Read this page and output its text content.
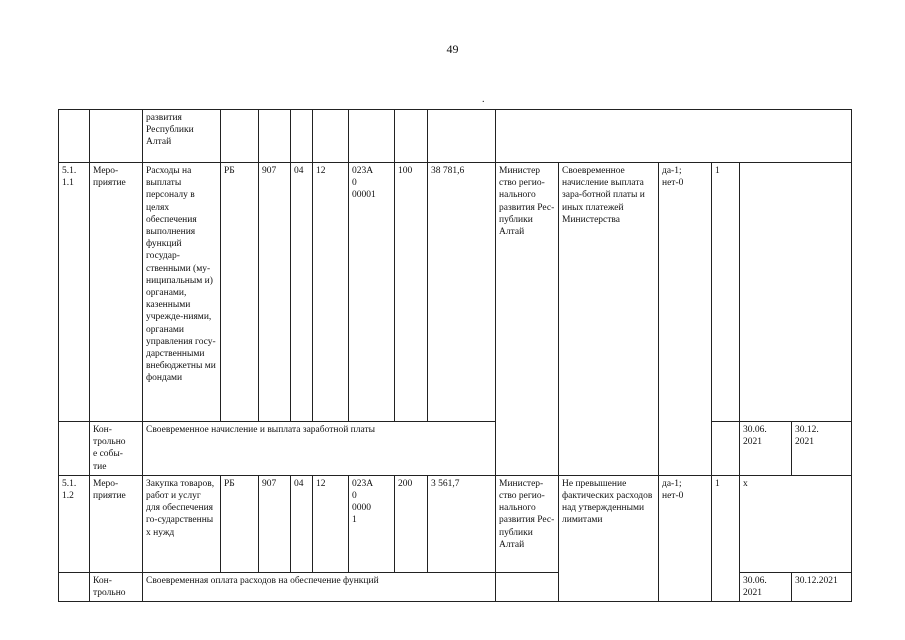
49
.
		развития Республики Алтай													
5.1.
1.1	Меро-
приятие	Расходы на выплаты персоналу в целях обеспечения выполнения функций государ-ственными (му-ниципальным и) органами, казенными учрежде-ниями, органами управления госу-дарственными внебюджетны ми фондами	РБ	907	04	12	023А
0
00001	100	38 781,6	Министер ство регио-нального развития Рес-публики Алтай	Своевременное начисление выплата зара-ботной платы и иных платежей Министерства	да-1;
нет-0	1		
	Кон-
трольно
е собы-
тие	Своевременное начисление и выплата заработной платы												30.06.
2021	30.12.
2021
5.1.
1.2	Меро-
приятие	Закупка товаров, работ и услуг для обеспечения го-сударственны х нужд	РБ	907	04	12	023А
0
0000
1	200	3 561,7	Министер-ство регио-нального развития Рес-публики Алтай	Не превышение фактических расходов над утвержденными лимитами	да-1;
нет-0	1	х	
	Кон-
трольно	Своевременная оплата расходов на обеспечение функций												30.06.
2021	30.12.2021
